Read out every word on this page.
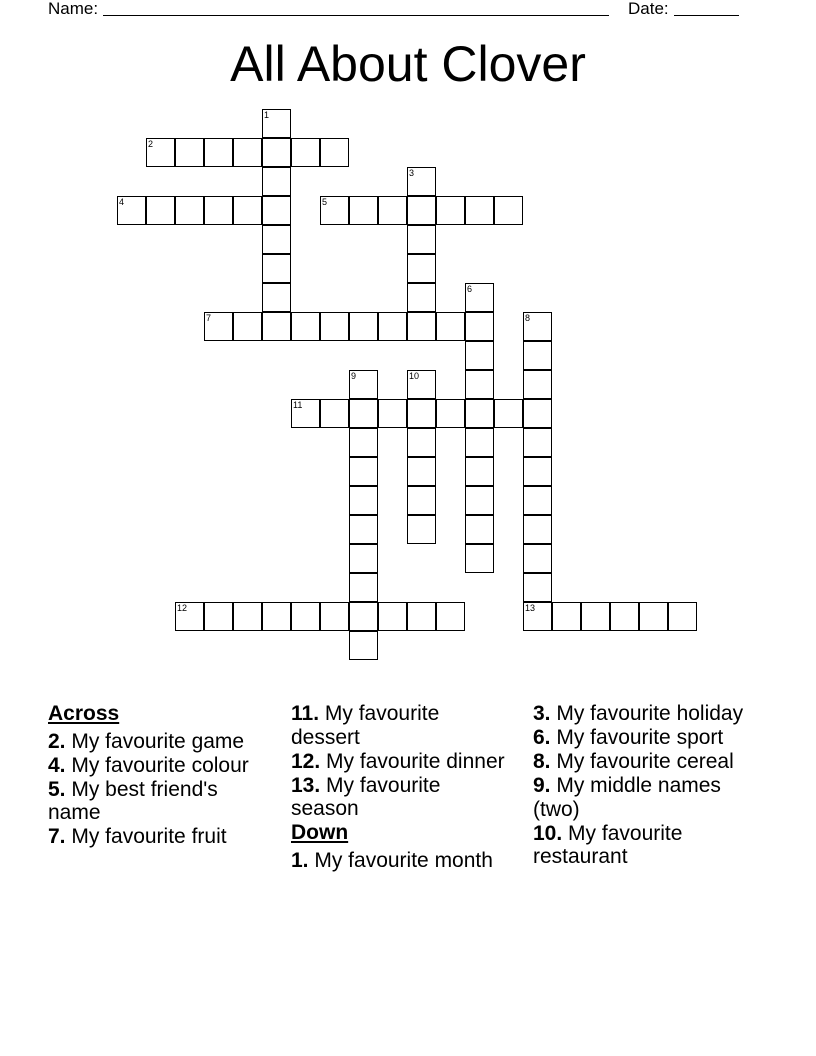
Name:	Date:
All About Clover
1
2
3
4	5
6
7	8
9	10
11
12	13
Across
2. My favourite game
4. My favourite colour
5. My best friend's name
7. My favourite fruit
11. My favourite dessert
12. My favourite dinner
13. My favourite season
Down
1. My favourite month
3. My favourite holiday
6. My favourite sport
8. My favourite cereal
9. My middle names (two)
10. My favourite restaurant
